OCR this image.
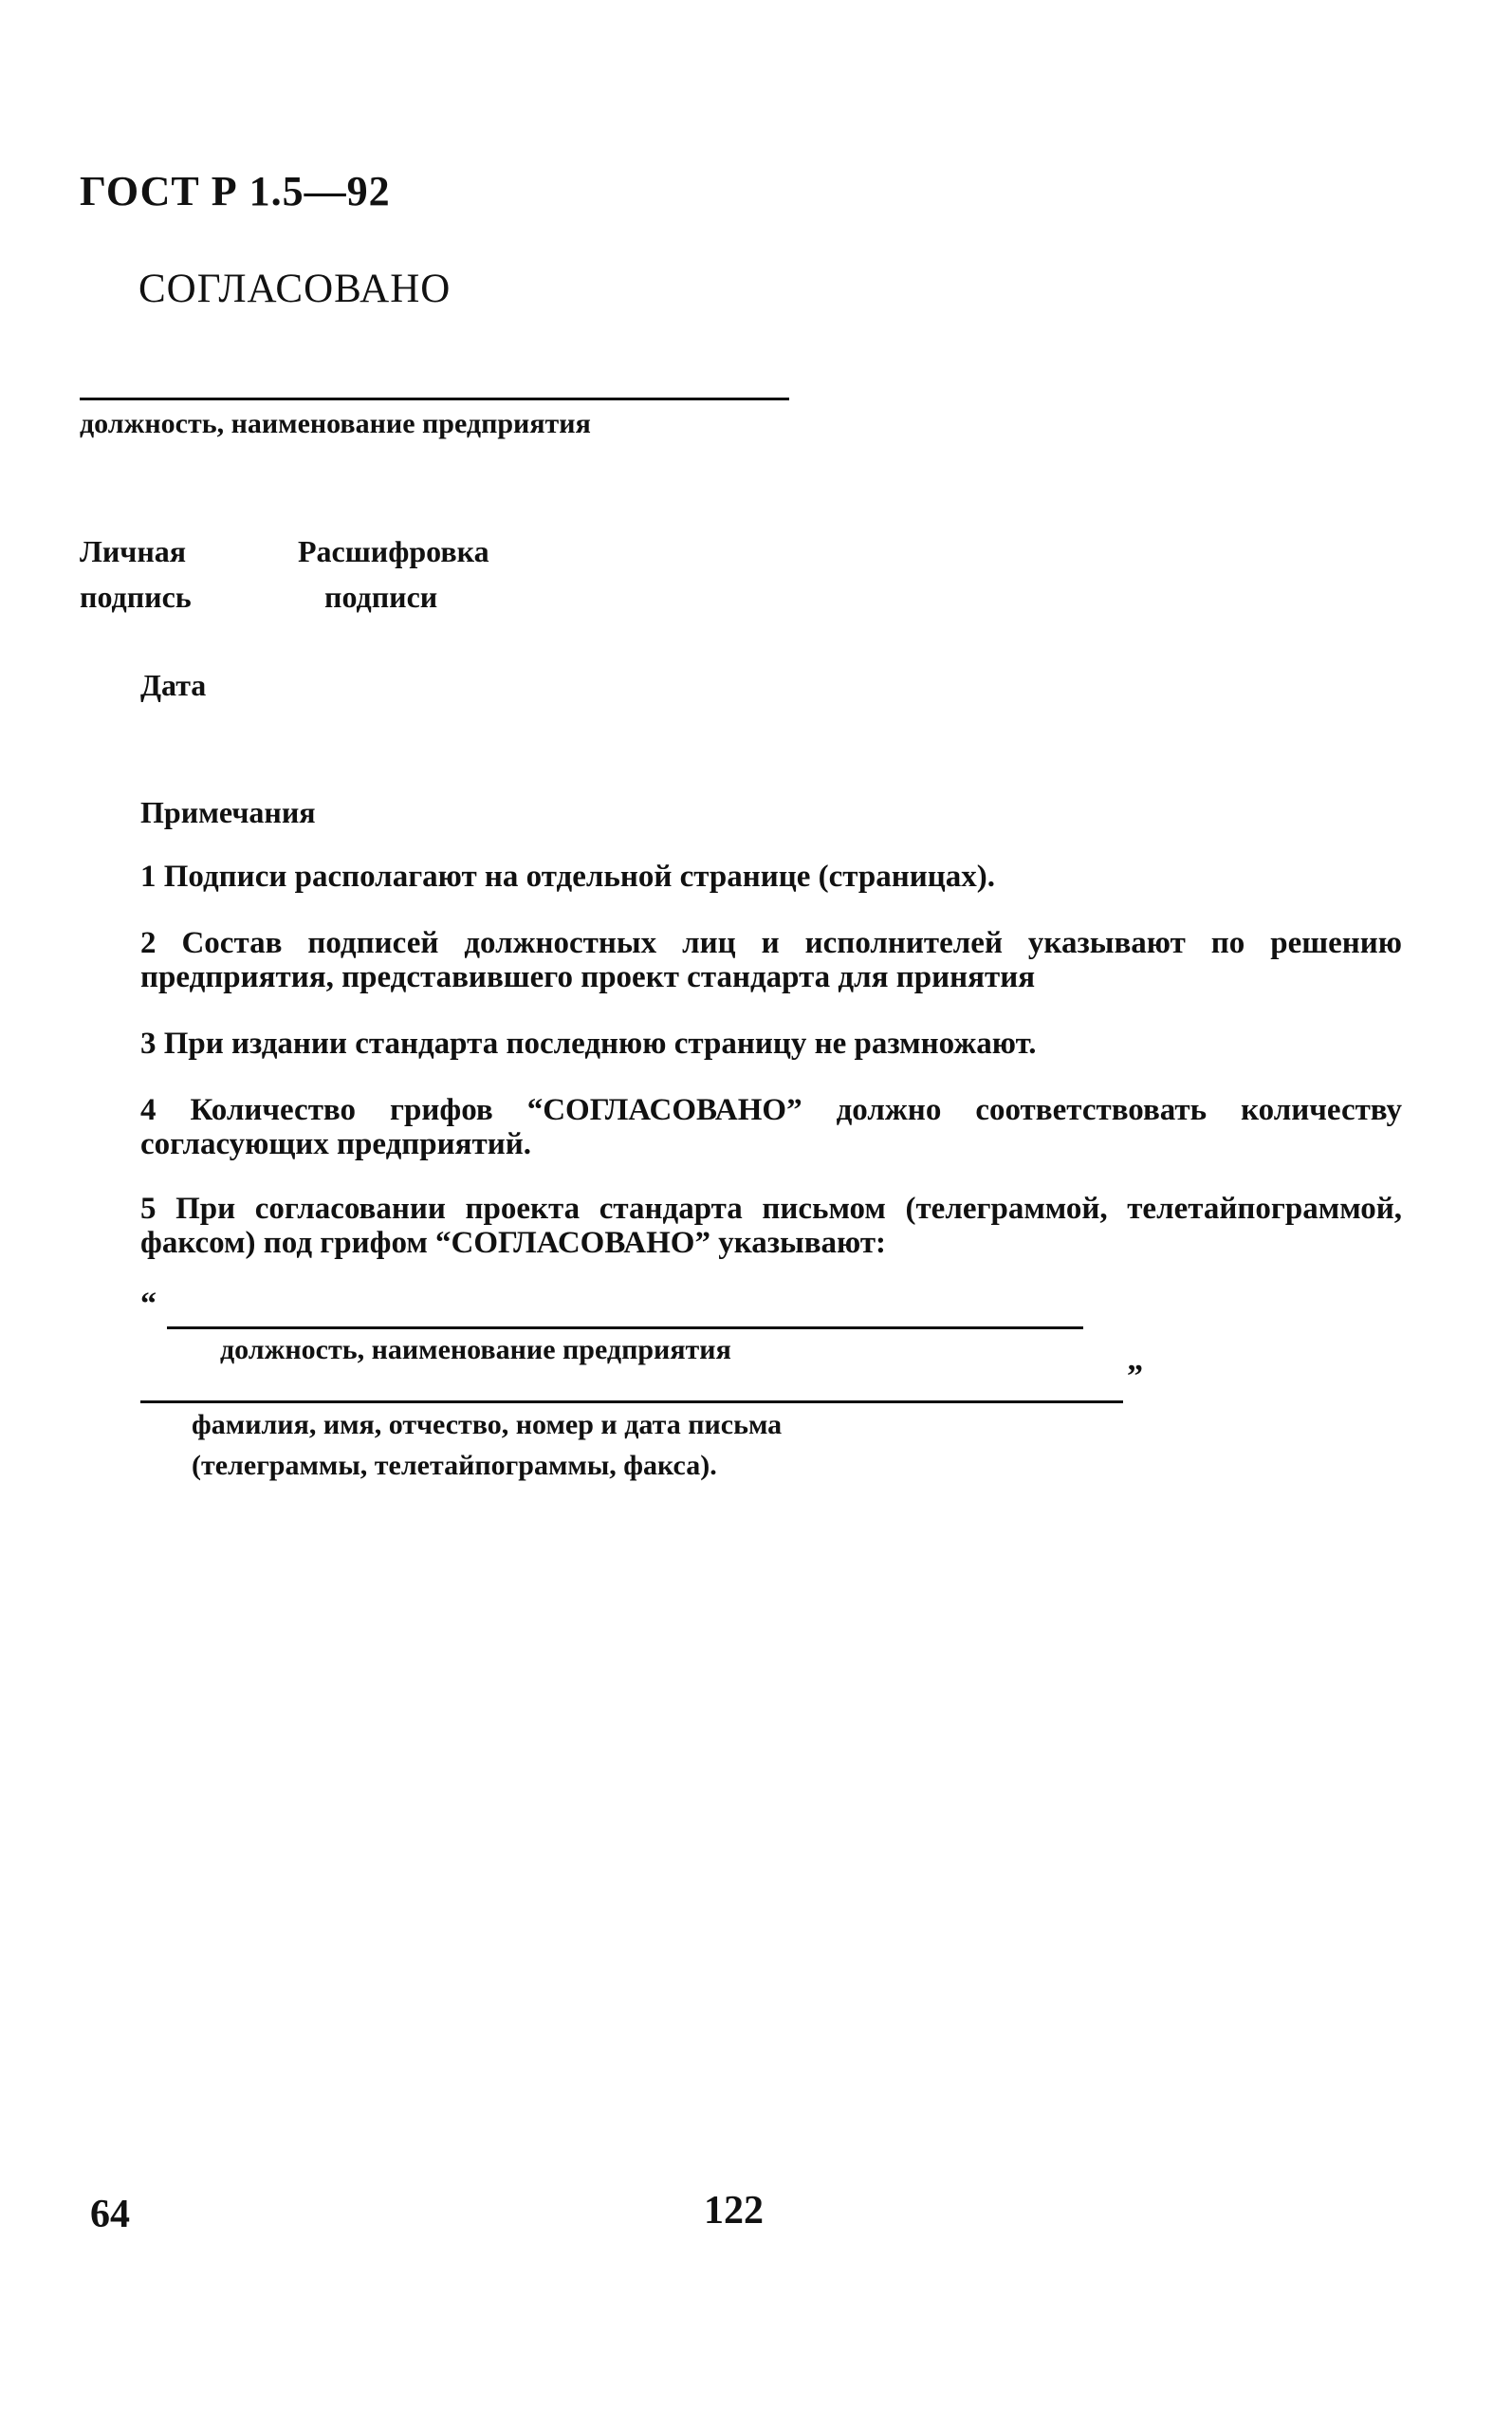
ГОСТ Р 1.5—92
СОГЛАСОВАНО
должность, наименование предприятия
Личная
подпись
Расшифровка
подписи
Дата
Примечания
1 Подписи располагают на отдельной странице (страницах).
2 Состав подписей должностных лиц и исполнителей указывают по решению предприятия, представившего проект стандарта для принятия
3 При издании стандарта последнюю страницу не размножают.
4 Количество грифов “СОГЛАСОВАНО” должно соответствовать количеству согласующих предприятий.
5 При согласовании проекта стандарта письмом (телеграммой, телетайпограммой, факсом) под грифом “СОГЛАСОВАНО” указывают:
“
должность, наименование предприятия
”
фамилия, имя, отчество, номер и дата письма
(телеграммы, телетайпограммы, факса).
64	122
